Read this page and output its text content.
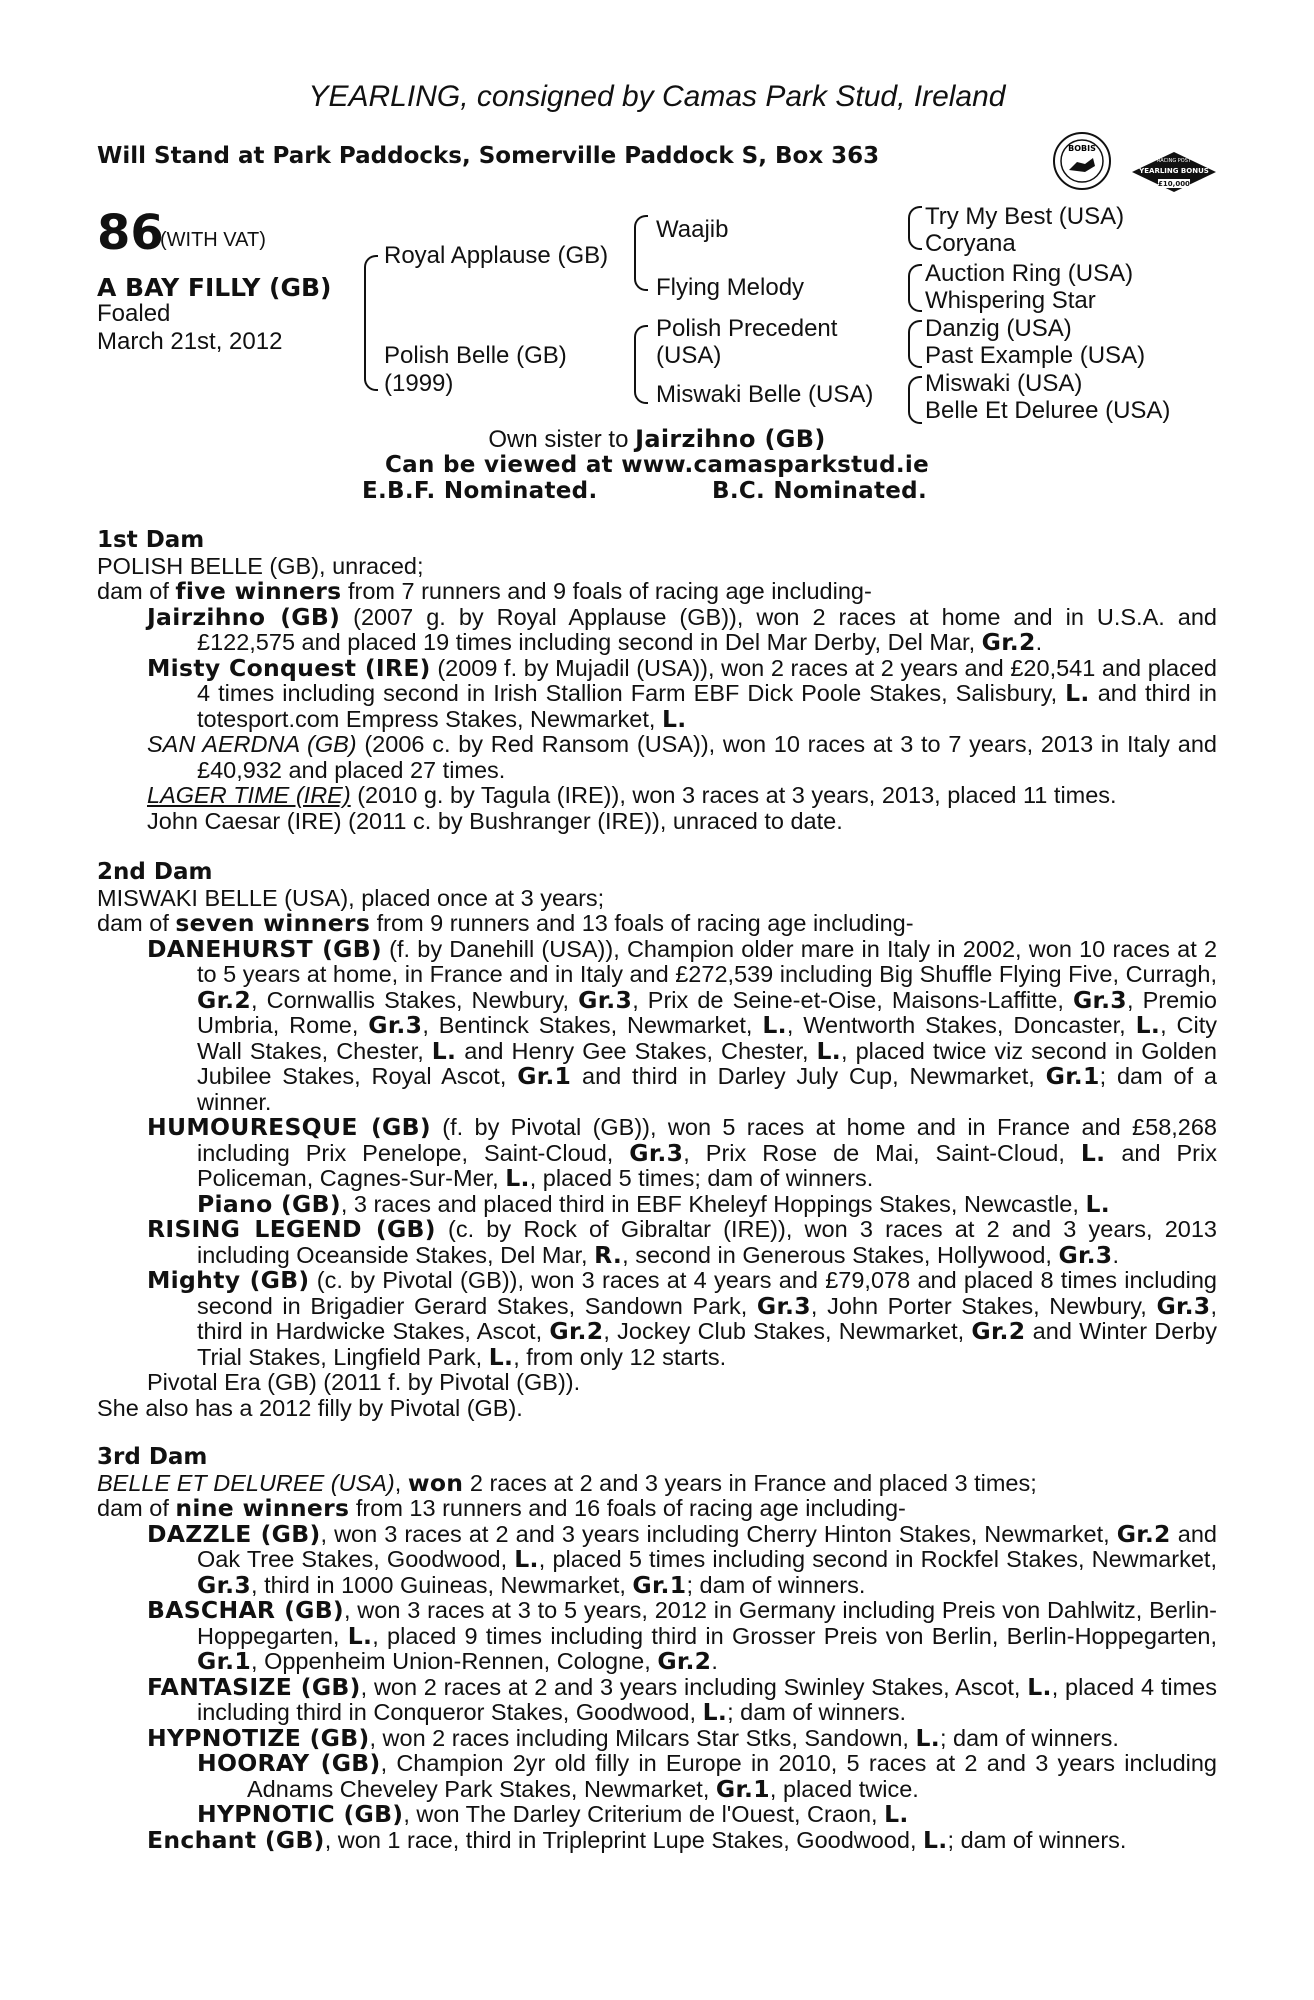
YEARLING, consigned by Camas Park Stud, Ireland
Will Stand at Park Paddocks, Somerville Paddock S, Box 363	BOBIS
RACING POST
YEARLING BONUS
£10,000
86
(WITH VAT)
A BAY FILLY (GB)
Foaled
March 21st, 2012
Royal Applause (GB)
Polish Belle (GB)
(1999)
Waajib
Flying Melody
Polish Precedent
(USA)
Miswaki Belle (USA)
Try My Best (USA)
Coryana
Auction Ring (USA)
Whispering Star
Danzig (USA)
Past Example (USA)
Miswaki (USA)
Belle Et Deluree (USA)
Own sister to Jairzihno (GB)
Can be viewed at www.camasparkstud.ie
E.B.F. Nominated.	B.C. Nominated.

1st Dam

POLISH BELLE (GB), unraced;

dam of five winners from 7 runners and 9 foals of racing age including-

Jairzihno (GB) (2007 g. by Royal Applause (GB)), won 2 races at home and in U.S.A. and £122,575 and placed 19 times including second in Del Mar Derby, Del Mar, Gr.2.

Misty Conquest (IRE) (2009 f. by Mujadil (USA)), won 2 races at 2 years and £20,541 and placed 4 times including second in Irish Stallion Farm EBF Dick Poole Stakes, Salisbury, L. and third in totesport.com Empress Stakes, Newmarket, L.

SAN AERDNA (GB) (2006 c. by Red Ransom (USA)), won 10 races at 3 to 7 years, 2013 in Italy and £40,932 and placed 27 times.

LAGER TIME (IRE) (2010 g. by Tagula (IRE)), won 3 races at 3 years, 2013, placed 11 times.

John Caesar (IRE) (2011 c. by Bushranger (IRE)), unraced to date.

2nd Dam

MISWAKI BELLE (USA), placed once at 3 years;

dam of seven winners from 9 runners and 13 foals of racing age including-

DANEHURST (GB) (f. by Danehill (USA)), Champion older mare in Italy in 2002, won 10 races at 2 to 5 years at home, in France and in Italy and £272,539 including Big Shuffle Flying Five, Curragh, Gr.2, Cornwallis Stakes, Newbury, Gr.3, Prix de Seine-et-Oise, Maisons-Laffitte, Gr.3, Premio Umbria, Rome, Gr.3, Bentinck Stakes, Newmarket, L., Wentworth Stakes, Doncaster, L., City Wall Stakes, Chester, L. and Henry Gee Stakes, Chester, L., placed twice viz second in Golden Jubilee Stakes, Royal Ascot, Gr.1 and third in Darley July Cup, Newmarket, Gr.1; dam of a winner.

HUMOURESQUE (GB) (f. by Pivotal (GB)), won 5 races at home and in France and £58,268 including Prix Penelope, Saint-Cloud, Gr.3, Prix Rose de Mai, Saint-Cloud, L. and Prix Policeman, Cagnes-Sur-Mer, L., placed 5 times; dam of winners.

Piano (GB), 3 races and placed third in EBF Kheleyf Hoppings Stakes, Newcastle, L.

RISING LEGEND (GB) (c. by Rock of Gibraltar (IRE)), won 3 races at 2 and 3 years, 2013 including Oceanside Stakes, Del Mar, R., second in Generous Stakes, Hollywood, Gr.3.

Mighty (GB) (c. by Pivotal (GB)), won 3 races at 4 years and £79,078 and placed 8 times including second in Brigadier Gerard Stakes, Sandown Park, Gr.3, John Porter Stakes, Newbury, Gr.3, third in Hardwicke Stakes, Ascot, Gr.2, Jockey Club Stakes, Newmarket, Gr.2 and Winter Derby Trial Stakes, Lingfield Park, L., from only 12 starts.

Pivotal Era (GB) (2011 f. by Pivotal (GB)).

She also has a 2012 filly by Pivotal (GB).

3rd Dam

BELLE ET DELUREE (USA), won 2 races at 2 and 3 years in France and placed 3 times;

dam of nine winners from 13 runners and 16 foals of racing age including-

DAZZLE (GB), won 3 races at 2 and 3 years including Cherry Hinton Stakes, Newmarket, Gr.2 and Oak Tree Stakes, Goodwood, L., placed 5 times including second in Rockfel Stakes, Newmarket, Gr.3, third in 1000 Guineas, Newmarket, Gr.1; dam of winners.

BASCHAR (GB), won 3 races at 3 to 5 years, 2012 in Germany including Preis von Dahlwitz, Berlin-Hoppegarten, L., placed 9 times including third in Grosser Preis von Berlin, Berlin-Hoppegarten, Gr.1, Oppenheim Union-Rennen, Cologne, Gr.2.

FANTASIZE (GB), won 2 races at 2 and 3 years including Swinley Stakes, Ascot, L., placed 4 times including third in Conqueror Stakes, Goodwood, L.; dam of winners.

HYPNOTIZE (GB), won 2 races including Milcars Star Stks, Sandown, L.; dam of winners.

HOORAY (GB), Champion 2yr old filly in Europe in 2010, 5 races at 2 and 3 years including Adnams Cheveley Park Stakes, Newmarket, Gr.1, placed twice.

HYPNOTIC (GB), won The Darley Criterium de l'Ouest, Craon, L.

Enchant (GB), won 1 race, third in Tripleprint Lupe Stakes, Goodwood, L.; dam of winners.
